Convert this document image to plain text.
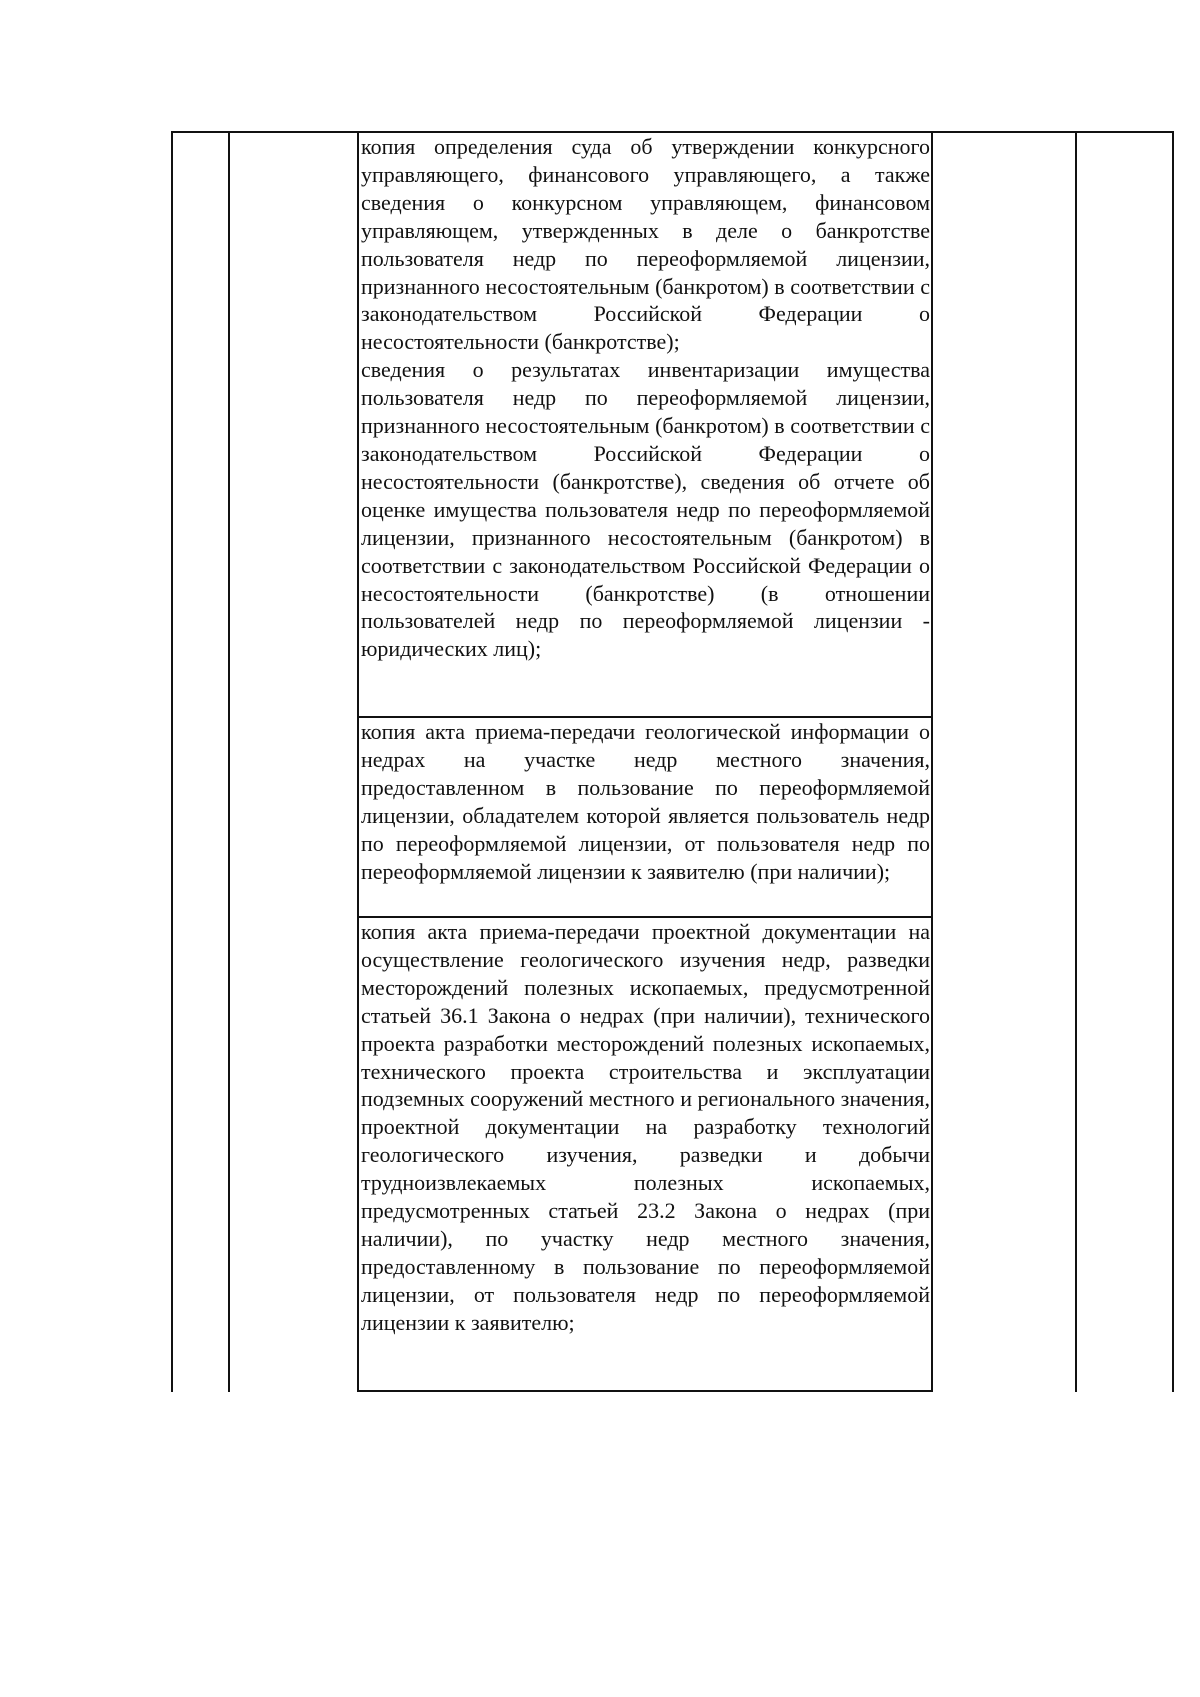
копия определения суда об утверждении конкурсного управляющего, финансового управляющего, а также сведения о конкурсном управляющем, финансовом управляющем, утвержденных в деле о банкротстве пользователя недр по переоформляемой лицензии, признанного несостоятельным (банкротом) в соответствии с законодательством Российской Федерации о несостоятельности (банкротстве);

сведения о результатах инвентаризации имущества пользователя недр по переоформляемой лицензии, признанного несостоятельным (банкротом) в соответствии с законодательством Российской Федерации о несостоятельности (банкротстве), сведения об отчете об оценке имущества пользователя недр по переоформляемой лицензии, признанного несостоятельным (банкротом) в соответствии с законодательством Российской Федерации о несостоятельности (банкротстве) (в отношении пользователей недр по переоформляемой лицензии - юридических лиц);

копия акта приема-передачи геологической информации о недрах на участке недр местного значения, предоставленном в пользование по переоформляемой лицензии, обладателем которой является пользователь недр по переоформляемой лицензии, от пользователя недр по переоформляемой лицензии к заявителю (при наличии);

копия акта приема-передачи проектной документации на осуществление геологического изучения недр, разведки месторождений полезных ископаемых, предусмотренной статьей 36.1 Закона о недрах (при наличии), технического проекта разработки месторождений полезных ископаемых, технического проекта строительства и эксплуатации подземных сооружений местного и регионального значения, проектной документации на разработку технологий геологического изучения, разведки и добычи трудноизвлекаемых полезных ископаемых, предусмотренных статьей 23.2 Закона о недрах (при наличии), по участку недр местного значения, предоставленному в пользование по переоформляемой лицензии, от пользователя недр по переоформляемой лицензии к заявителю;
